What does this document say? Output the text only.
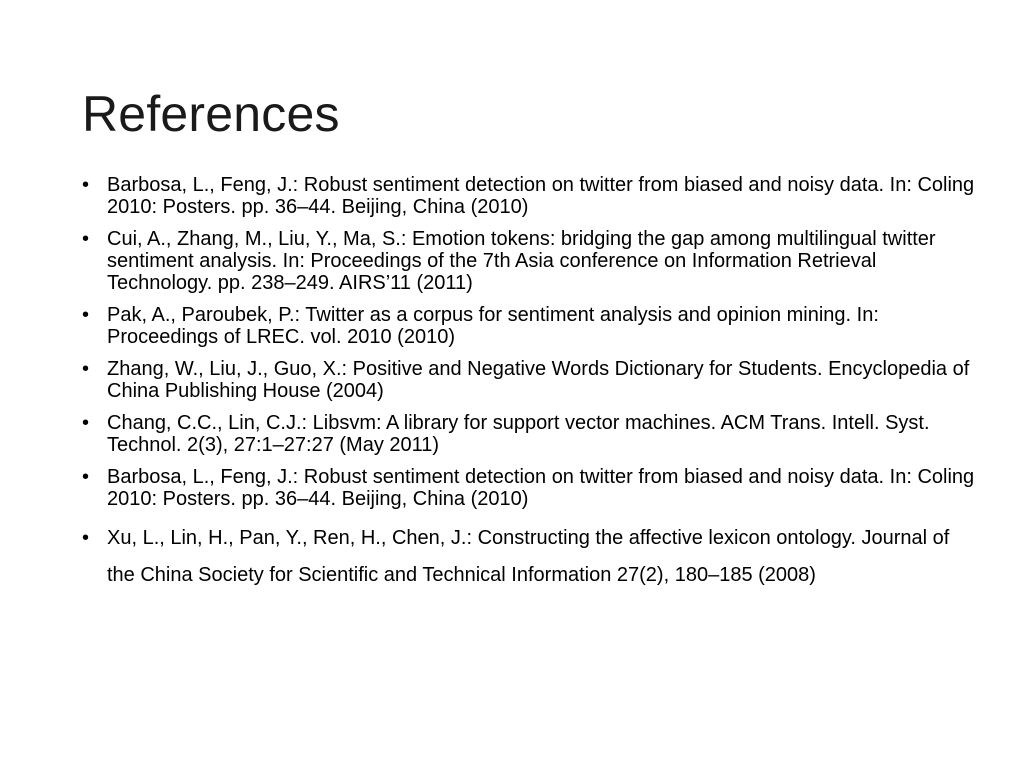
References
• Barbosa, L., Feng, J.: Robust sentiment detection on twitter from biased and noisy data. In: Coling 2010: Posters. pp. 36–44. Beijing, China (2010)
• Cui, A., Zhang, M., Liu, Y., Ma, S.: Emotion tokens: bridging the gap among multilingual twitter sentiment analysis. In: Proceedings of the 7th Asia conference on Information Retrieval Technology. pp. 238–249. AIRS’11 (2011)
• Pak, A., Paroubek, P.: Twitter as a corpus for sentiment analysis and opinion mining. In: Proceedings of LREC. vol. 2010 (2010)
• Zhang, W., Liu, J., Guo, X.: Positive and Negative Words Dictionary for Students. Encyclopedia of China Publishing House (2004)
• Chang, C.C., Lin, C.J.: Libsvm: A library for support vector machines. ACM Trans. Intell. Syst. Technol. 2(3), 27:1–27:27 (May 2011)
• Barbosa, L., Feng, J.: Robust sentiment detection on twitter from biased and noisy data. In: Coling 2010: Posters. pp. 36–44. Beijing, China (2010)
• Xu, L., Lin, H., Pan, Y., Ren, H., Chen, J.: Constructing the affective lexicon ontology. Journal of the China Society for Scientific and Technical Information 27(2), 180–185 (2008)
